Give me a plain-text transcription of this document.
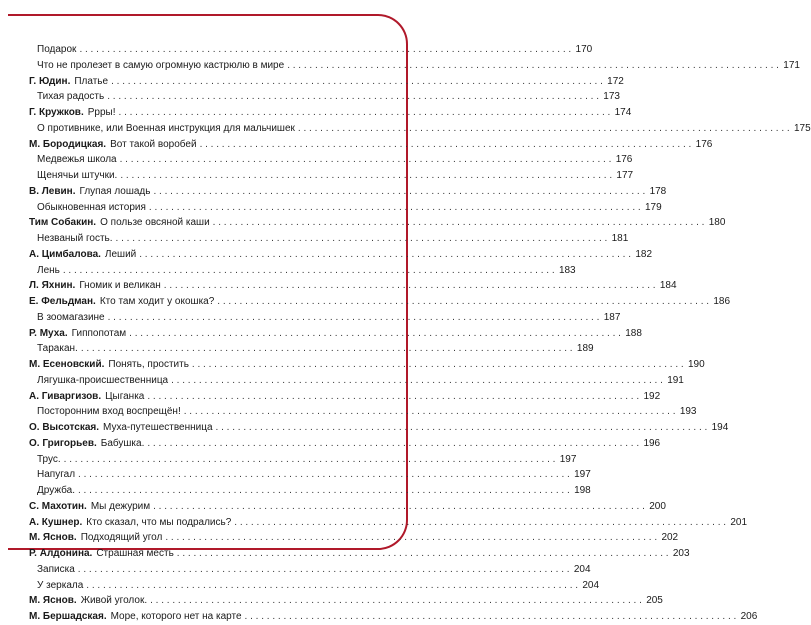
Подарок . . .	170
Что не пролезет в самую огромную кастрюлю в мире . . .	171
Г. Юдин. Платье . . .	172
Тихая радость . . .	173
Г. Кружков. Ррры! . . .	174
О противнике, или Военная инструкция для мальчишек . . .	175
М. Бородицкая. Вот такой воробей . . .	176
Медвежья школа . . .	176
Щенячьи штучки. . . .	177
В. Левин. Глупая лошадь . . .	178
Обыкновенная история . . .	179
Тим Собакин. О пользе овсяной каши . . .	180
Незваный гость. . . .	181
А. Цимбалова. Леший . . .	182
Лень . . .	183
Л. Яхнин. Гномик и великан . . .	184
Е. Фельдман. Кто там ходит у окошка? . . .	186
В зоомагазине . . .	187
Р. Муха. Гиппопотам . . .	188
Таракан. . . .	189
М. Есеновский. Понять, простить . . .	190
Лягушка-происшественница . . .	191
А. Гиваргизов. Цыганка . . .	192
Посторонним вход воспрещён! . . .	193
О. Высотская. Муха-путешественница . . .	194
О. Григорьев. Бабушка. . . .	196
Трус. . . .	197
Напугал . . .	197
Дружба. . . .	198
С. Махотин. Мы дежурим . . .	200
А. Кушнер. Кто сказал, что мы подрались? . . .	201
М. Яснов. Подходящий угол . . .	202
Р. Алдонина. Страшная месть . . .	203
Записка . . .	204
У зеркала . . .	204
М. Яснов. Живой уголок. . . .	205
М. Бершадская. Море, которого нет на карте . . .	206
